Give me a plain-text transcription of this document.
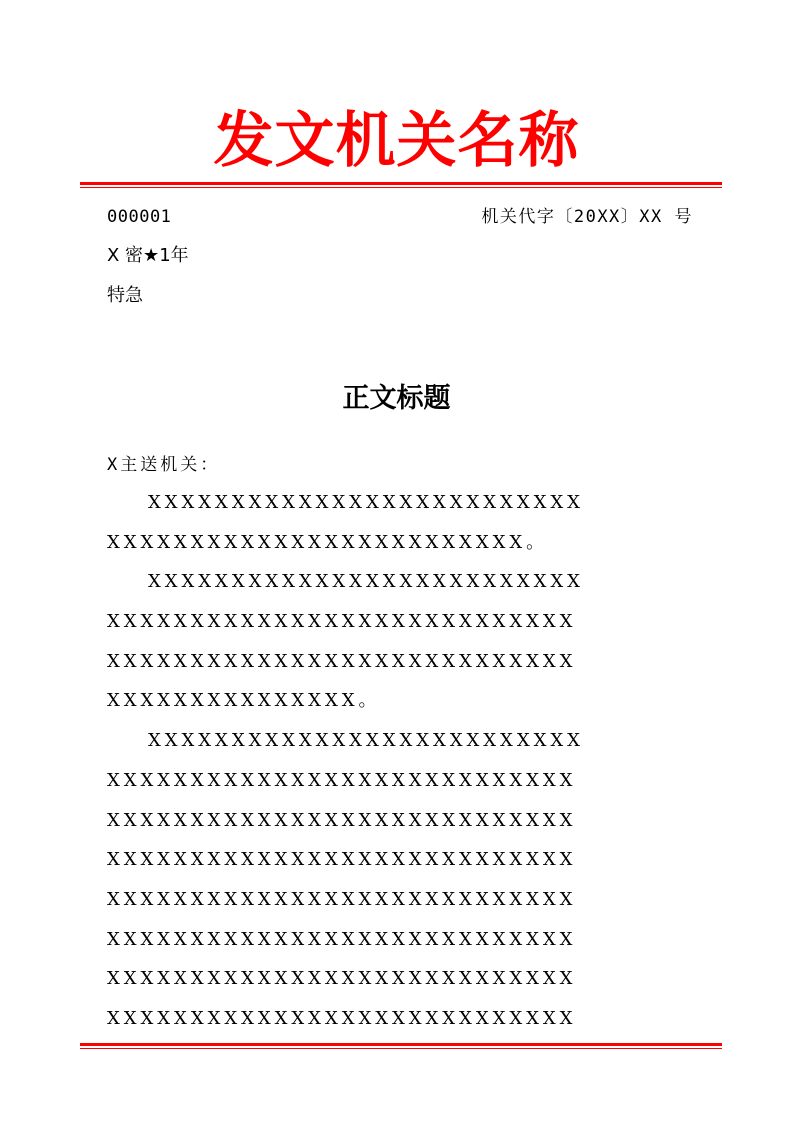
发文机关名称
000001	机关代字〔20XX〕XX 号
X 密★1年
特急
正文标题
X主送机关：
XXXXXXXXXXXXXXXXXXXXXXXXXX
XXXXXXXXXXXXXXXXXXXXXXXXX。
XXXXXXXXXXXXXXXXXXXXXXXXXX
XXXXXXXXXXXXXXXXXXXXXXXXXXXX
XXXXXXXXXXXXXXXXXXXXXXXXXXXX
XXXXXXXXXXXXXXX。
XXXXXXXXXXXXXXXXXXXXXXXXXX
XXXXXXXXXXXXXXXXXXXXXXXXXXXX
XXXXXXXXXXXXXXXXXXXXXXXXXXXX
XXXXXXXXXXXXXXXXXXXXXXXXXXXX
XXXXXXXXXXXXXXXXXXXXXXXXXXXX
XXXXXXXXXXXXXXXXXXXXXXXXXXXX
XXXXXXXXXXXXXXXXXXXXXXXXXXXX
XXXXXXXXXXXXXXXXXXXXXXXXXXXX
